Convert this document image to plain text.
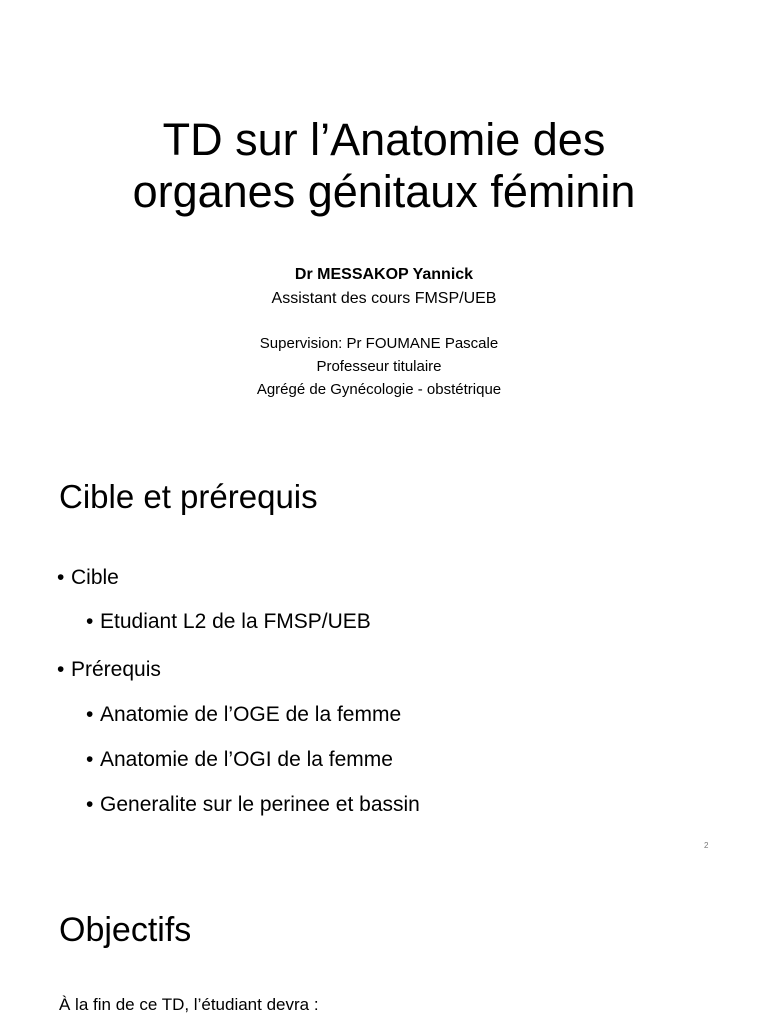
TD sur l’Anatomie des
organes génitaux féminin
Dr MESSAKOP Yannick
Assistant des cours FMSP/UEB
Supervision: Pr FOUMANE Pascale
Professeur titulaire
Agrégé de Gynécologie - obstétrique
Cible et prérequis
• Cible
• Etudiant L2 de la FMSP/UEB
• Prérequis
• Anatomie de l’OGE de la femme
• Anatomie de l’OGI de la femme
• Generalite sur le perinee et bassin
2
Objectifs
À la fin de ce TD, l’étudiant devra :
